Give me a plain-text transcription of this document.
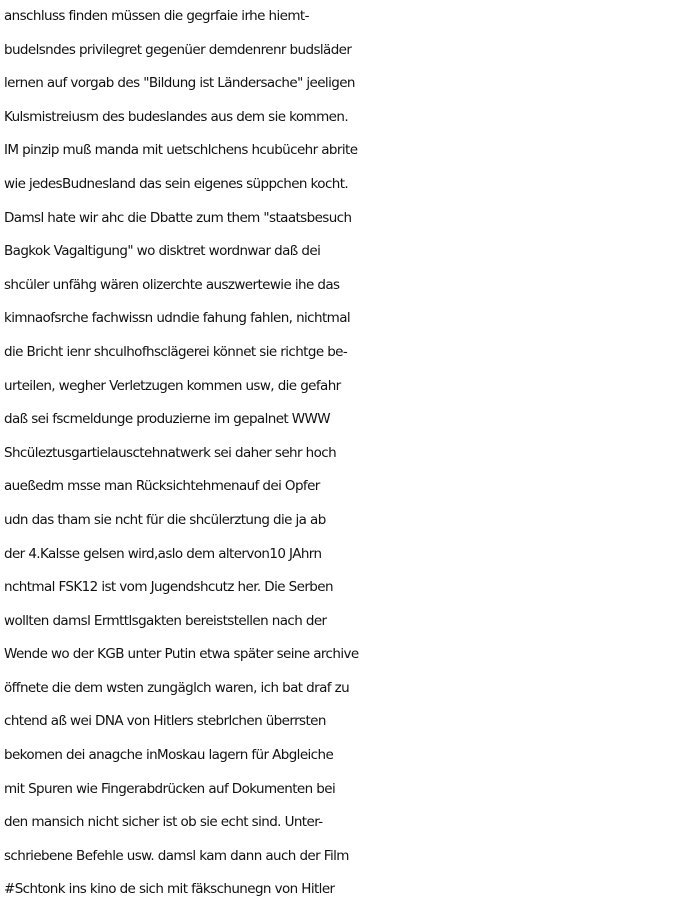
anschluss finden müssen die gegrfaie irhe hiemt-
budelsndes privilegret gegenüer demdenrenr budsläder
lernen auf vorgab des "Bildung ist Ländersache" jeeligen
Kulsmistreiusm des budeslandes aus dem sie kommen.
IM pinzip muß manda mit uetschlchens hcubücehr abrite
wie jedesBudnesland das sein eigenes süppchen kocht.
Damsl hate wir ahc die Dbatte zum them "staatsbesuch
Bagkok Vagaltigung" wo disktret wordnwar daß dei
shcüler unfähg wären olizerchte auszwertewie ihe das
kimnaofsrche fachwissn udndie fahung fahlen, nichtmal
die Bricht ienr shculhofhscläger‌ei könnet sie richtge be-
urteilen, wegher Verletzugen kommen usw, die gefahr
daß sei fscmeldunge produzierne im gepalnet WWW
Shcüleztusgartielausctehnatwerk sei daher sehr hoch
aueßedm msse man Rücksichtehmenauf dei Opfer
udn das tham sie ncht für die shcülerztung die ja ab
der 4.Kalsse gelsen wird,aslo dem altervon10 JAhrn
nchtmal FSK12 ist vom Jugendshcutz her. Die Serben
wollten damsl Ermttlsgakten bereiststellen nach der
Wende wo der KGB unter Putin etwa später seine archive
öffnete die dem wsten zungäglch waren, ich bat draf zu
chtend aß wei DNA von Hitlers stebrlchen überrsten
bekomen dei anagche inMoskau lagern für Abgleiche
mit Spuren wie Fingerabdrücken auf Dokumenten bei
den mansich nicht sicher ist ob sie echt sind. Unter-
schriebene Befehle usw. damsl kam dann auch der Film
#Schtonk ins kino de sich mit fäkschunegn von Hitler
